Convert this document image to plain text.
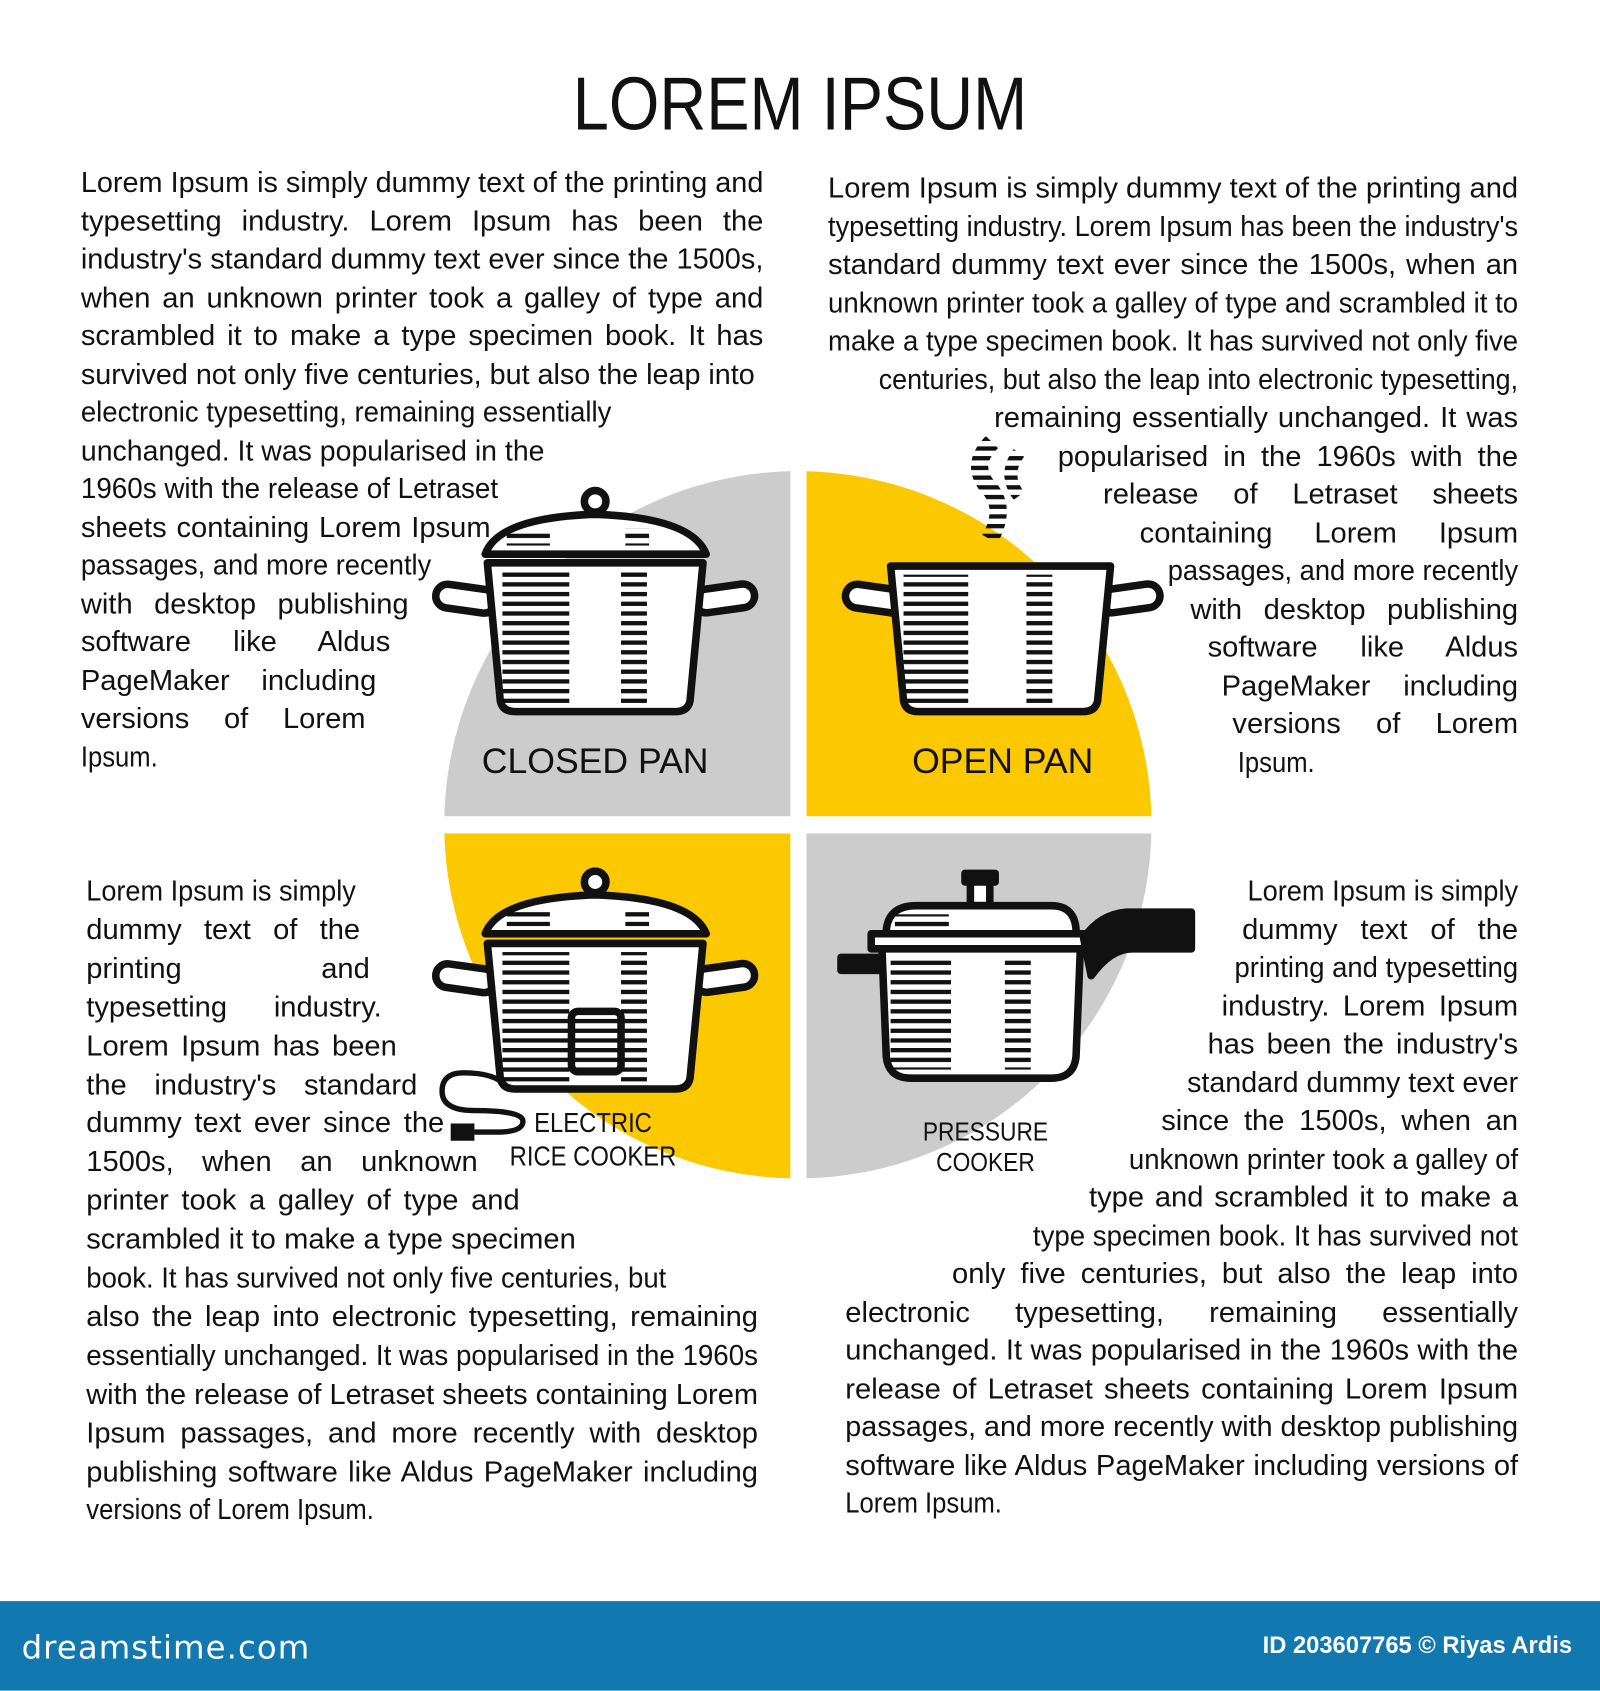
CLOSED PAN	OPEN PAN
ELECTRIC
RICE COOKER
PRESSURE
COOKER
LOREM IPSUM
Lorem Ipsum is simply dummy text of the printing and
typesetting industry. Lorem Ipsum has been the
industry's standard dummy text ever since the 1500s,
when an unknown printer took a galley of type and
scrambled it to make a type specimen book. It has
survived not only five centuries, but also the leap into
electronic typesetting, remaining essentially
unchanged. It was popularised in the
1960s with the release of Letraset
sheets containing Lorem Ipsum
passages, and more recently
with desktop publishing
software like Aldus
PageMaker including
versions of Lorem
Ipsum.
Lorem Ipsum is simply dummy text of the printing and
typesetting industry. Lorem Ipsum has been the industry's
standard dummy text ever since the 1500s, when an
unknown printer took a galley of type and scrambled it to
make a type specimen book. It has survived not only five
centuries, but also the leap into electronic typesetting,
remaining essentially unchanged. It was
popularised in the 1960s with the
release of Letraset sheets
containing Lorem Ipsum
passages, and more recently
with desktop publishing
software like Aldus
PageMaker including
versions of Lorem
Ipsum.
Lorem Ipsum is simply
dummy text of the
printing and
typesetting industry.
Lorem Ipsum has been
the industry's standard
dummy text ever since the
1500s, when an unknown
printer took a galley of type and
scrambled it to make a type specimen
book. It has survived not only five centuries, but
also the leap into electronic typesetting, remaining
essentially unchanged. It was popularised in the 1960s
with the release of Letraset sheets containing Lorem
Ipsum passages, and more recently with desktop
publishing software like Aldus PageMaker including
versions of Lorem Ipsum.
Lorem Ipsum is simply
dummy text of the
printing and typesetting
industry. Lorem Ipsum
has been the industry's
standard dummy text ever
since the 1500s, when an
unknown printer took a galley of
type and scrambled it to make a
type specimen book. It has survived not
only five centuries, but also the leap into
electronic typesetting, remaining essentially
unchanged. It was popularised in the 1960s with the
release of Letraset sheets containing Lorem Ipsum
passages, and more recently with desktop publishing
software like Aldus PageMaker including versions of
Lorem Ipsum.
dreamstime.com	ID 203607765 © Riyas Ardis
